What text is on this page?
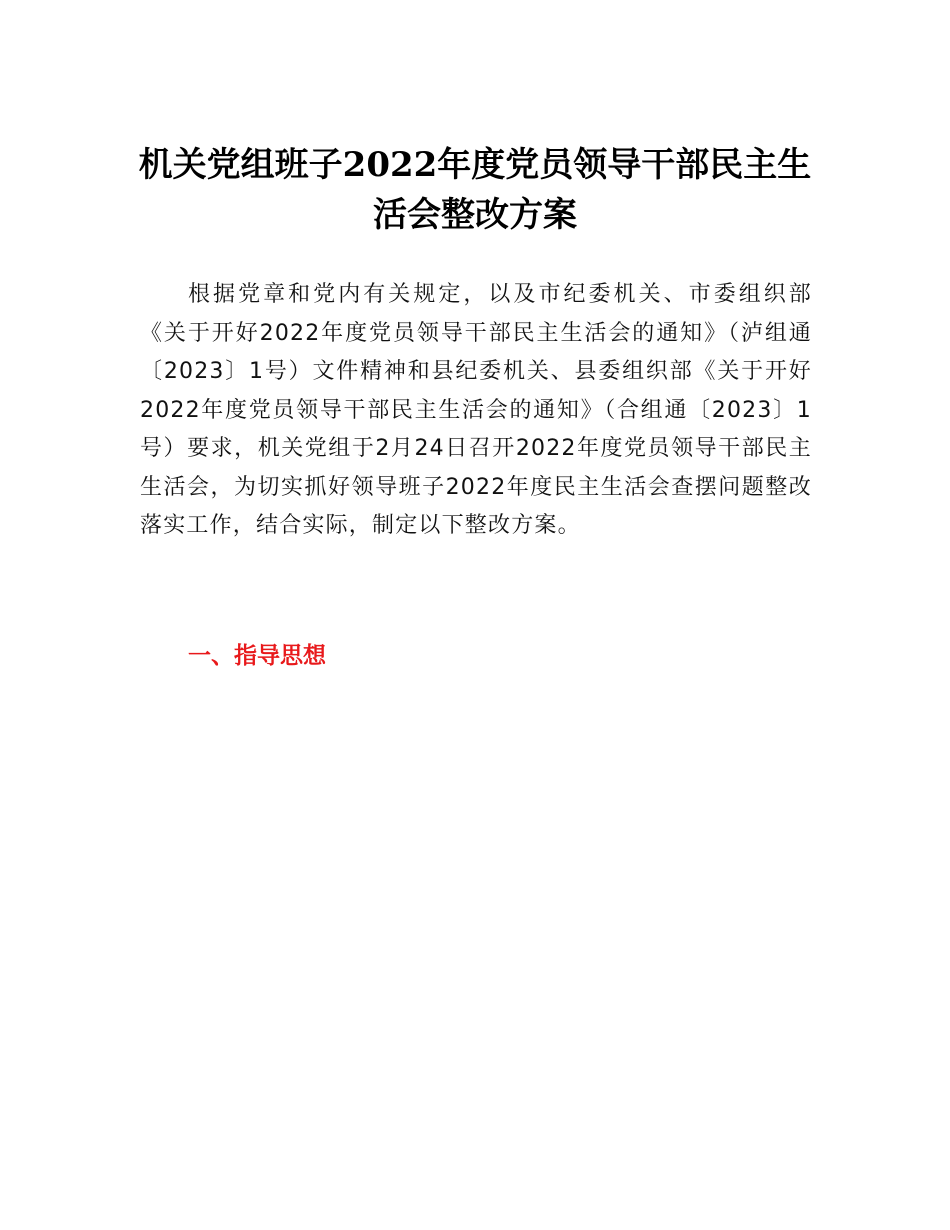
机关党组班子2022年度党员领导干部民主生
活会整改方案

根据党章和党内有关规定，以及市纪委机关、市委组织部《关于开好2022年度党员领导干部民主生活会的通知》（泸组通〔2023〕1号）文件精神和县纪委机关、县委组织部《关于开好2022年度党员领导干部民主生活会的通知》（合组通〔2023〕1号）要求，机关党组于2月24日召开2022年度党员领导干部民主生活会，为切实抓好领导班子2022年度民主生活会查摆问题整改落实工作，结合实际，制定以下整改方案。

一、指导思想
